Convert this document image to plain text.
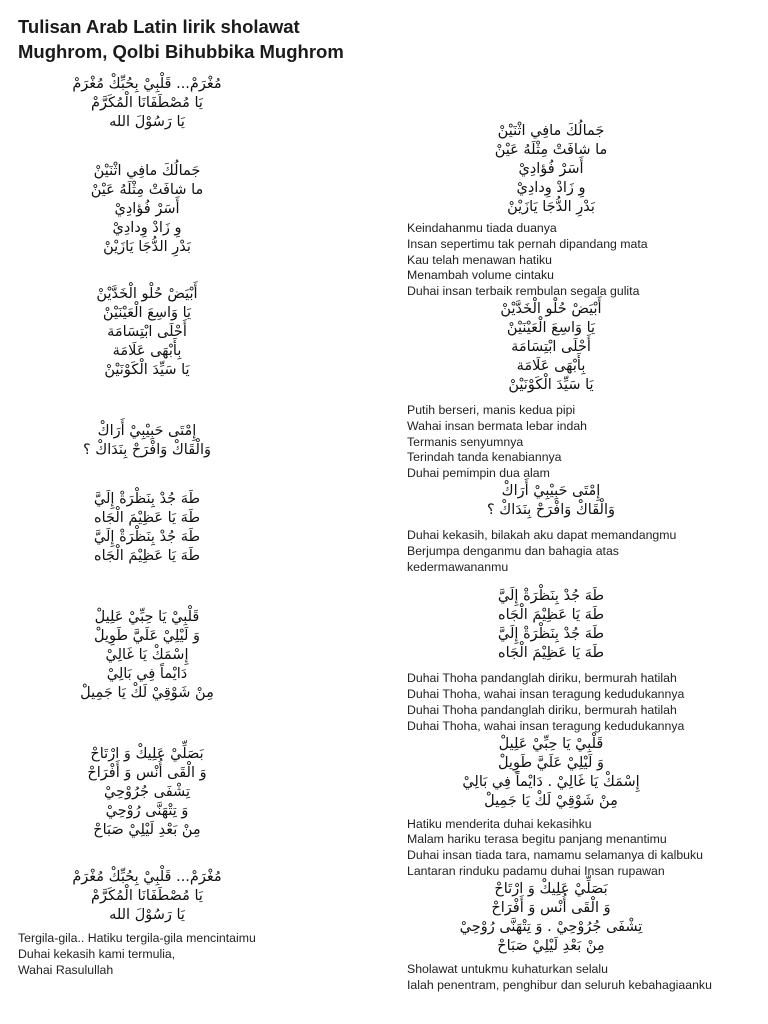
Tulisan Arab Latin lirik sholawat Mughrom, Qolbi Bihubbika Mughrom
مُغْرَمْ... قَلْبِيْ بِحُبِّكْ مُغْرَمْ
يَا مُصْطَفَانَا الْمُكَرَّمْ
يَا رَسُوْلَ الله
جَمالُكَ مافِي اثْنَيْنْ
ما شافَتْ مِثْلَهُ عَيْنْ
أَسَرْ فُؤادِيْ
وِ زَادْ وِدادِيْ
بَدْرِ الدُّجَا يَازَيْنْ
أَبْيَضْ حُلْو الْخَدَّيْنْ
يَا وَاسِعَ الْعَيْنَيْنْ
أَحْلَى ابْتِسَامَة
بِأَبْهَى عَلَامَة
يَا سَيِّدَ الْكَوْنَيْنْ
إِمْتَى حَبِيْبِيْ أَرَاكْ
وَالْقَاكْ وَافْرَحْ بِنَدَاكْ ؟
طَهَ جُدْ بِنَظْرَةْ إِلَيَّ
طَهَ يَا عَظِيْمَ الْجَاه
طَهَ جُدْ بِنَظْرَةْ إِلَيَّ
طَهَ يَا عَظِيْمَ الْجَاه
قَلْبِيْ يَا حِبِّيْ عَلِيلْ
وَ لَيْلِيْ عَلَيَّ طَوِيلْ
إِسْمَكْ يَا غَالِيْ
دَايْماً فِي بَالِيْ
مِنْ شَوْقِيْ لَكْ يَا جَمِيلْ
بَصَلِّيْ عَلِيكْ وَ ارْتَاحْ
وَ الْقَى أُنْس وَ أَفْرَاحْ
تِشْفَى جُرُوْحِيْ
وَ تِتْهَنَّى رُوْحِيْ
مِنْ بَعْدِ لَيْلِيْ صَبَاحْ
مُغْرَمْ... قَلْبِيْ بِحُبِّكْ مُغْرَمْ
يَا مُصْطَفَانَا الْمُكَرَّمْ
يَا رَسُوْلَ الله
Tergila-gila.. Hatiku tergila-gila mencintaimu
Duhai kekasih kami termulia,
Wahai Rasulullah
جَمالُكَ مافِي اثْنَيْنْ
ما شافَتْ مِثْلَهُ عَيْنْ
أَسَرْ فُؤادِيْ
وِ زَادْ وِدادِيْ
بَدْرِ الدُّجَا يَازَيْنْ
Keindahanmu tiada duanya
Insan sepertimu tak pernah dipandang mata
Kau telah menawan hatiku
Menambah volume cintaku
Duhai insan terbaik rembulan segala gulita
أَبْيَضْ حُلْو الْخَدَّيْنْ
يَا وَاسِعَ الْعَيْنَيْنْ
أَحْلَى ابْتِسَامَة
بِأَبْهَى عَلَامَة
يَا سَيِّدَ الْكَوْنَيْنْ
Putih berseri, manis kedua pipi
Wahai insan bermata lebar indah
Termanis senyumnya
Terindah tanda kenabiannya
Duhai pemimpin dua alam
إِمْتَى حَبِيْبِيْ أَرَاكْ
وَالْقَاكْ وَافْرَحْ بِنَدَاكْ ؟
Duhai kekasih, bilakah aku dapat memandangmu
Berjumpa denganmu dan bahagia atas
kedermawananmu
طَهَ جُدْ بِنَظْرَةْ إِلَيَّ
طَهَ يَا عَظِيْمَ الْجَاه
طَهَ جُدْ بِنَظْرَةْ إِلَيَّ
طَهَ يَا عَظِيْمَ الْجَاه
Duhai Thoha pandanglah diriku, bermurah hatilah
Duhai Thoha, wahai insan teragung kedudukannya
Duhai Thoha pandanglah diriku, bermurah hatilah
Duhai Thoha, wahai insan teragung kedudukannya
قَلْبِيْ يَا حِبِّيْ عَلِيلْ
وَ لَيْلِيْ عَلَيَّ طَوِيلْ
إِسْمَكْ يَا غَالِيْ . دَايْماً فِي بَالِيْ
مِنْ شَوْقِيْ لَكْ يَا جَمِيلْ
Hatiku menderita duhai kekasihku
Malam hariku terasa begitu panjang menantimu
Duhai insan tiada tara, namamu selamanya di kalbuku
Lantaran rinduku padamu duhai Insan rupawan
بَصَلِّيْ عَلِيكْ وَ ارْتَاحْ
وَ الْقَى أُنْس وَ أَفْرَاحْ
تِشْفَى جُرُوْحِيْ . وَ تِتْهَنَّى رُوْحِيْ
مِنْ بَعْدِ لَيْلِيْ صَبَاحْ
Sholawat untukmu kuhaturkan selalu
Ialah penentram, penghibur dan seluruh kebahagiaanku
